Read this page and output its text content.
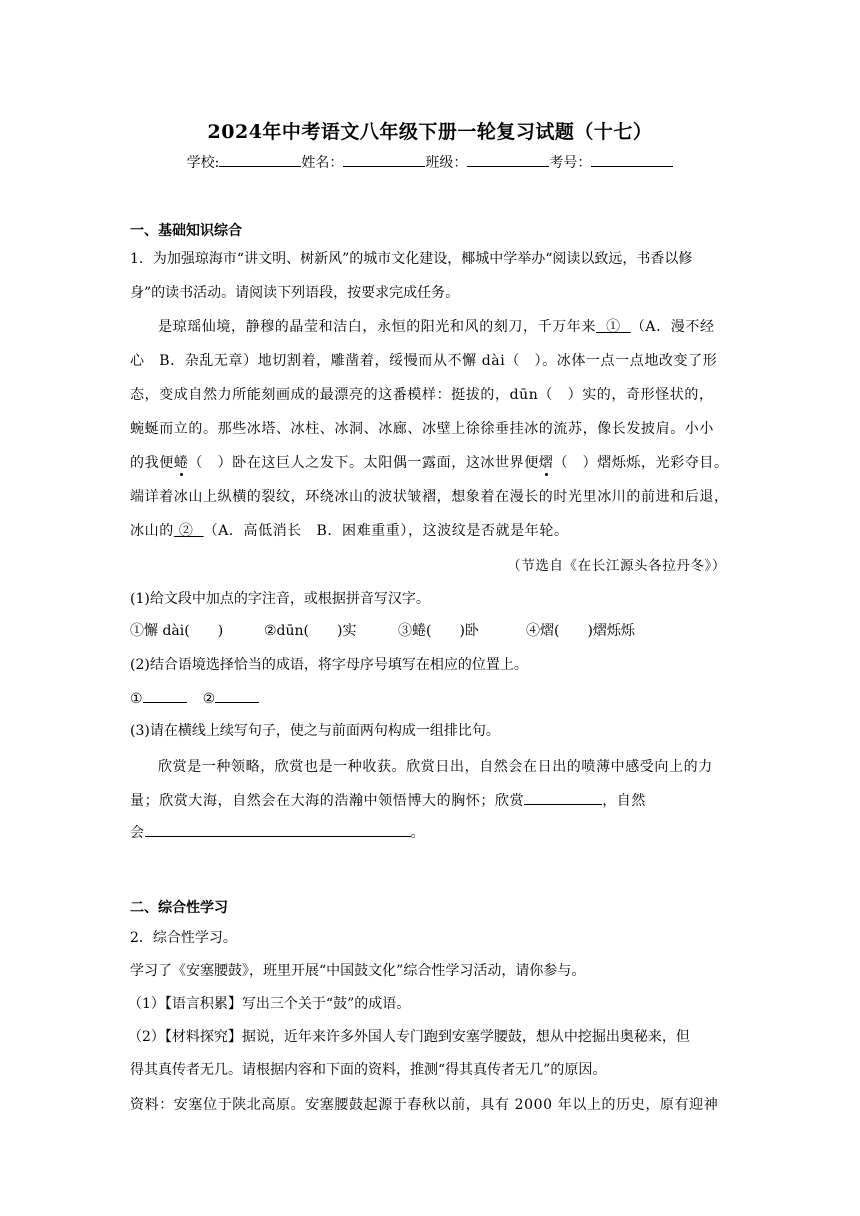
2024年中考语文八年级下册一轮复习试题（十七）
学校:	姓名：	班级：	考号：
一、基础知识综合
1．为加强琼海市“讲文明、树新风”的城市文化建设，椰城中学举办“阅读以致远，书香以修
身”的读书活动。请阅读下列语段，按要求完成任务。
是琼瑶仙境，静穆的晶莹和洁白，永恒的阳光和风的刻刀，千万年来 ① （A．漫不经
心　B．杂乱无章）地切割着，雕凿着，绥慢而从不懈 dài（　）。冰体一点一点地改变了形
态，变成自然力所能刻画成的最漂亮的这番模样：挺拔的，dūn（　）实的，奇形怪状的，
蜿蜒而立的。那些冰塔、冰柱、冰洞、冰廊、冰壁上徐徐垂挂冰的流苏，像长发披肩。小小
的我便蜷（　）卧在这巨人之发下。太阳偶一露面，这冰世界便熠（　）熠烁烁，光彩夺目。
端详着冰山上纵横的裂纹，环绕冰山的波状皱褶，想象着在漫长的时光里冰川的前进和后退，
冰山的 ② （A．高低消长　B．困难重重），这波纹是否就是年轮。
（节选自《在长江源头各拉丹冬》）
(1)给文段中加点的字注音，或根据拼音写汉字。
①懈 dài(　　)	②dūn(　　)实	③蜷(　　)卧	④熠(　　)熠烁烁
(2)结合语境选择恰当的成语，将字母序号填写在相应的位置上。
①	②
(3)请在横线上续写句子，使之与前面两句构成一组排比句。
欣赏是一种领略，欣赏也是一种收获。欣赏日出，自然会在日出的喷薄中感受向上的力
量；欣赏大海，自然会在大海的浩瀚中领悟博大的胸怀；欣赏	，自然
会	。
二、综合性学习
2．综合性学习。
学习了《安塞腰鼓》，班里开展“中国鼓文化”综合性学习活动，请你参与。
（1）【语言积累】写出三个关于“鼓”的成语。
（2）【材料探究】据说，近年来许多外国人专门跑到安塞学腰鼓，想从中挖掘出奥秘来，但
得其真传者无几。请根据内容和下面的资料，推测“得其真传者无几”的原因。
资料：安塞位于陕北高原。安塞腰鼓起源于春秋以前，具有 2000 年以上的历史，原有迎神
